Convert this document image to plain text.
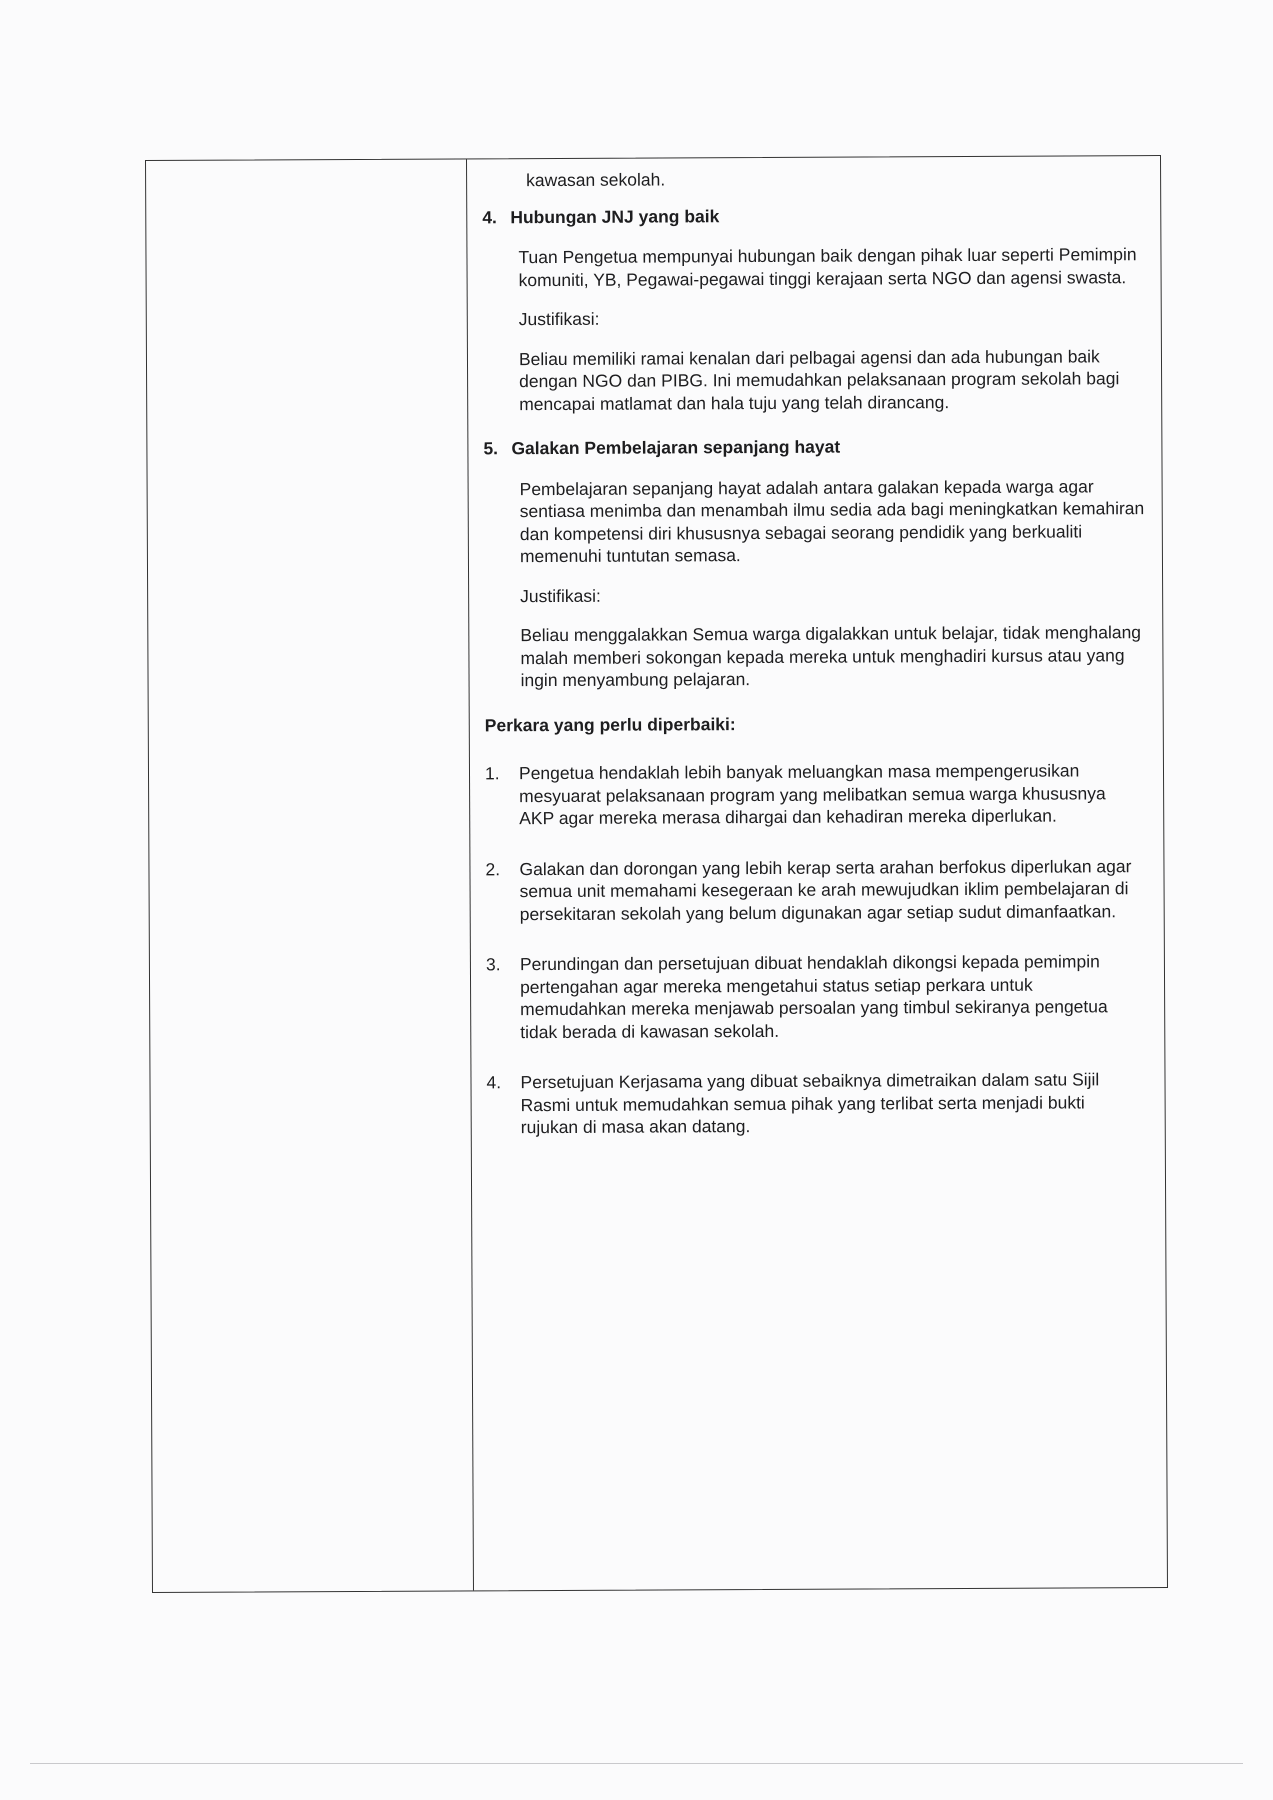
kawasan sekolah.

4. Hubungan JNJ yang baik

Tuan Pengetua mempunyai hubungan baik dengan pihak luar seperti Pemimpin komuniti, YB, Pegawai-pegawai tinggi kerajaan serta NGO dan agensi swasta.

Justifikasi:

Beliau memiliki ramai kenalan dari pelbagai agensi dan ada hubungan baik dengan NGO dan PIBG. Ini memudahkan pelaksanaan program sekolah bagi mencapai matlamat dan hala tuju yang telah dirancang.

5. Galakan Pembelajaran sepanjang hayat

Pembelajaran sepanjang hayat adalah antara galakan kepada warga agar sentiasa menimba dan menambah ilmu sedia ada bagi meningkatkan kemahiran dan kompetensi diri khususnya sebagai seorang pendidik yang berkualiti memenuhi tuntutan semasa.

Justifikasi:

Beliau menggalakkan Semua warga digalakkan untuk belajar, tidak menghalang malah memberi sokongan kepada mereka untuk menghadiri kursus atau yang ingin menyambung pelajaran.

Perkara yang perlu diperbaiki:

1.	Pengetua hendaklah lebih banyak meluangkan masa mempengerusikan mesyuarat pelaksanaan program yang melibatkan semua warga khususnya AKP agar mereka merasa dihargai dan kehadiran mereka diperlukan.
2.	Galakan dan dorongan yang lebih kerap serta arahan berfokus diperlukan agar semua unit memahami kesegeraan ke arah mewujudkan iklim pembelajaran di persekitaran sekolah yang belum digunakan agar setiap sudut dimanfaatkan.
3.	Perundingan dan persetujuan dibuat hendaklah dikongsi kepada pemimpin pertengahan agar mereka mengetahui status setiap perkara untuk memudahkan mereka menjawab persoalan yang timbul sekiranya pengetua tidak berada di kawasan sekolah.
4.	Persetujuan Kerjasama yang dibuat sebaiknya dimetraikan dalam satu Sijil Rasmi untuk memudahkan semua pihak yang terlibat serta menjadi bukti rujukan di masa akan datang.
